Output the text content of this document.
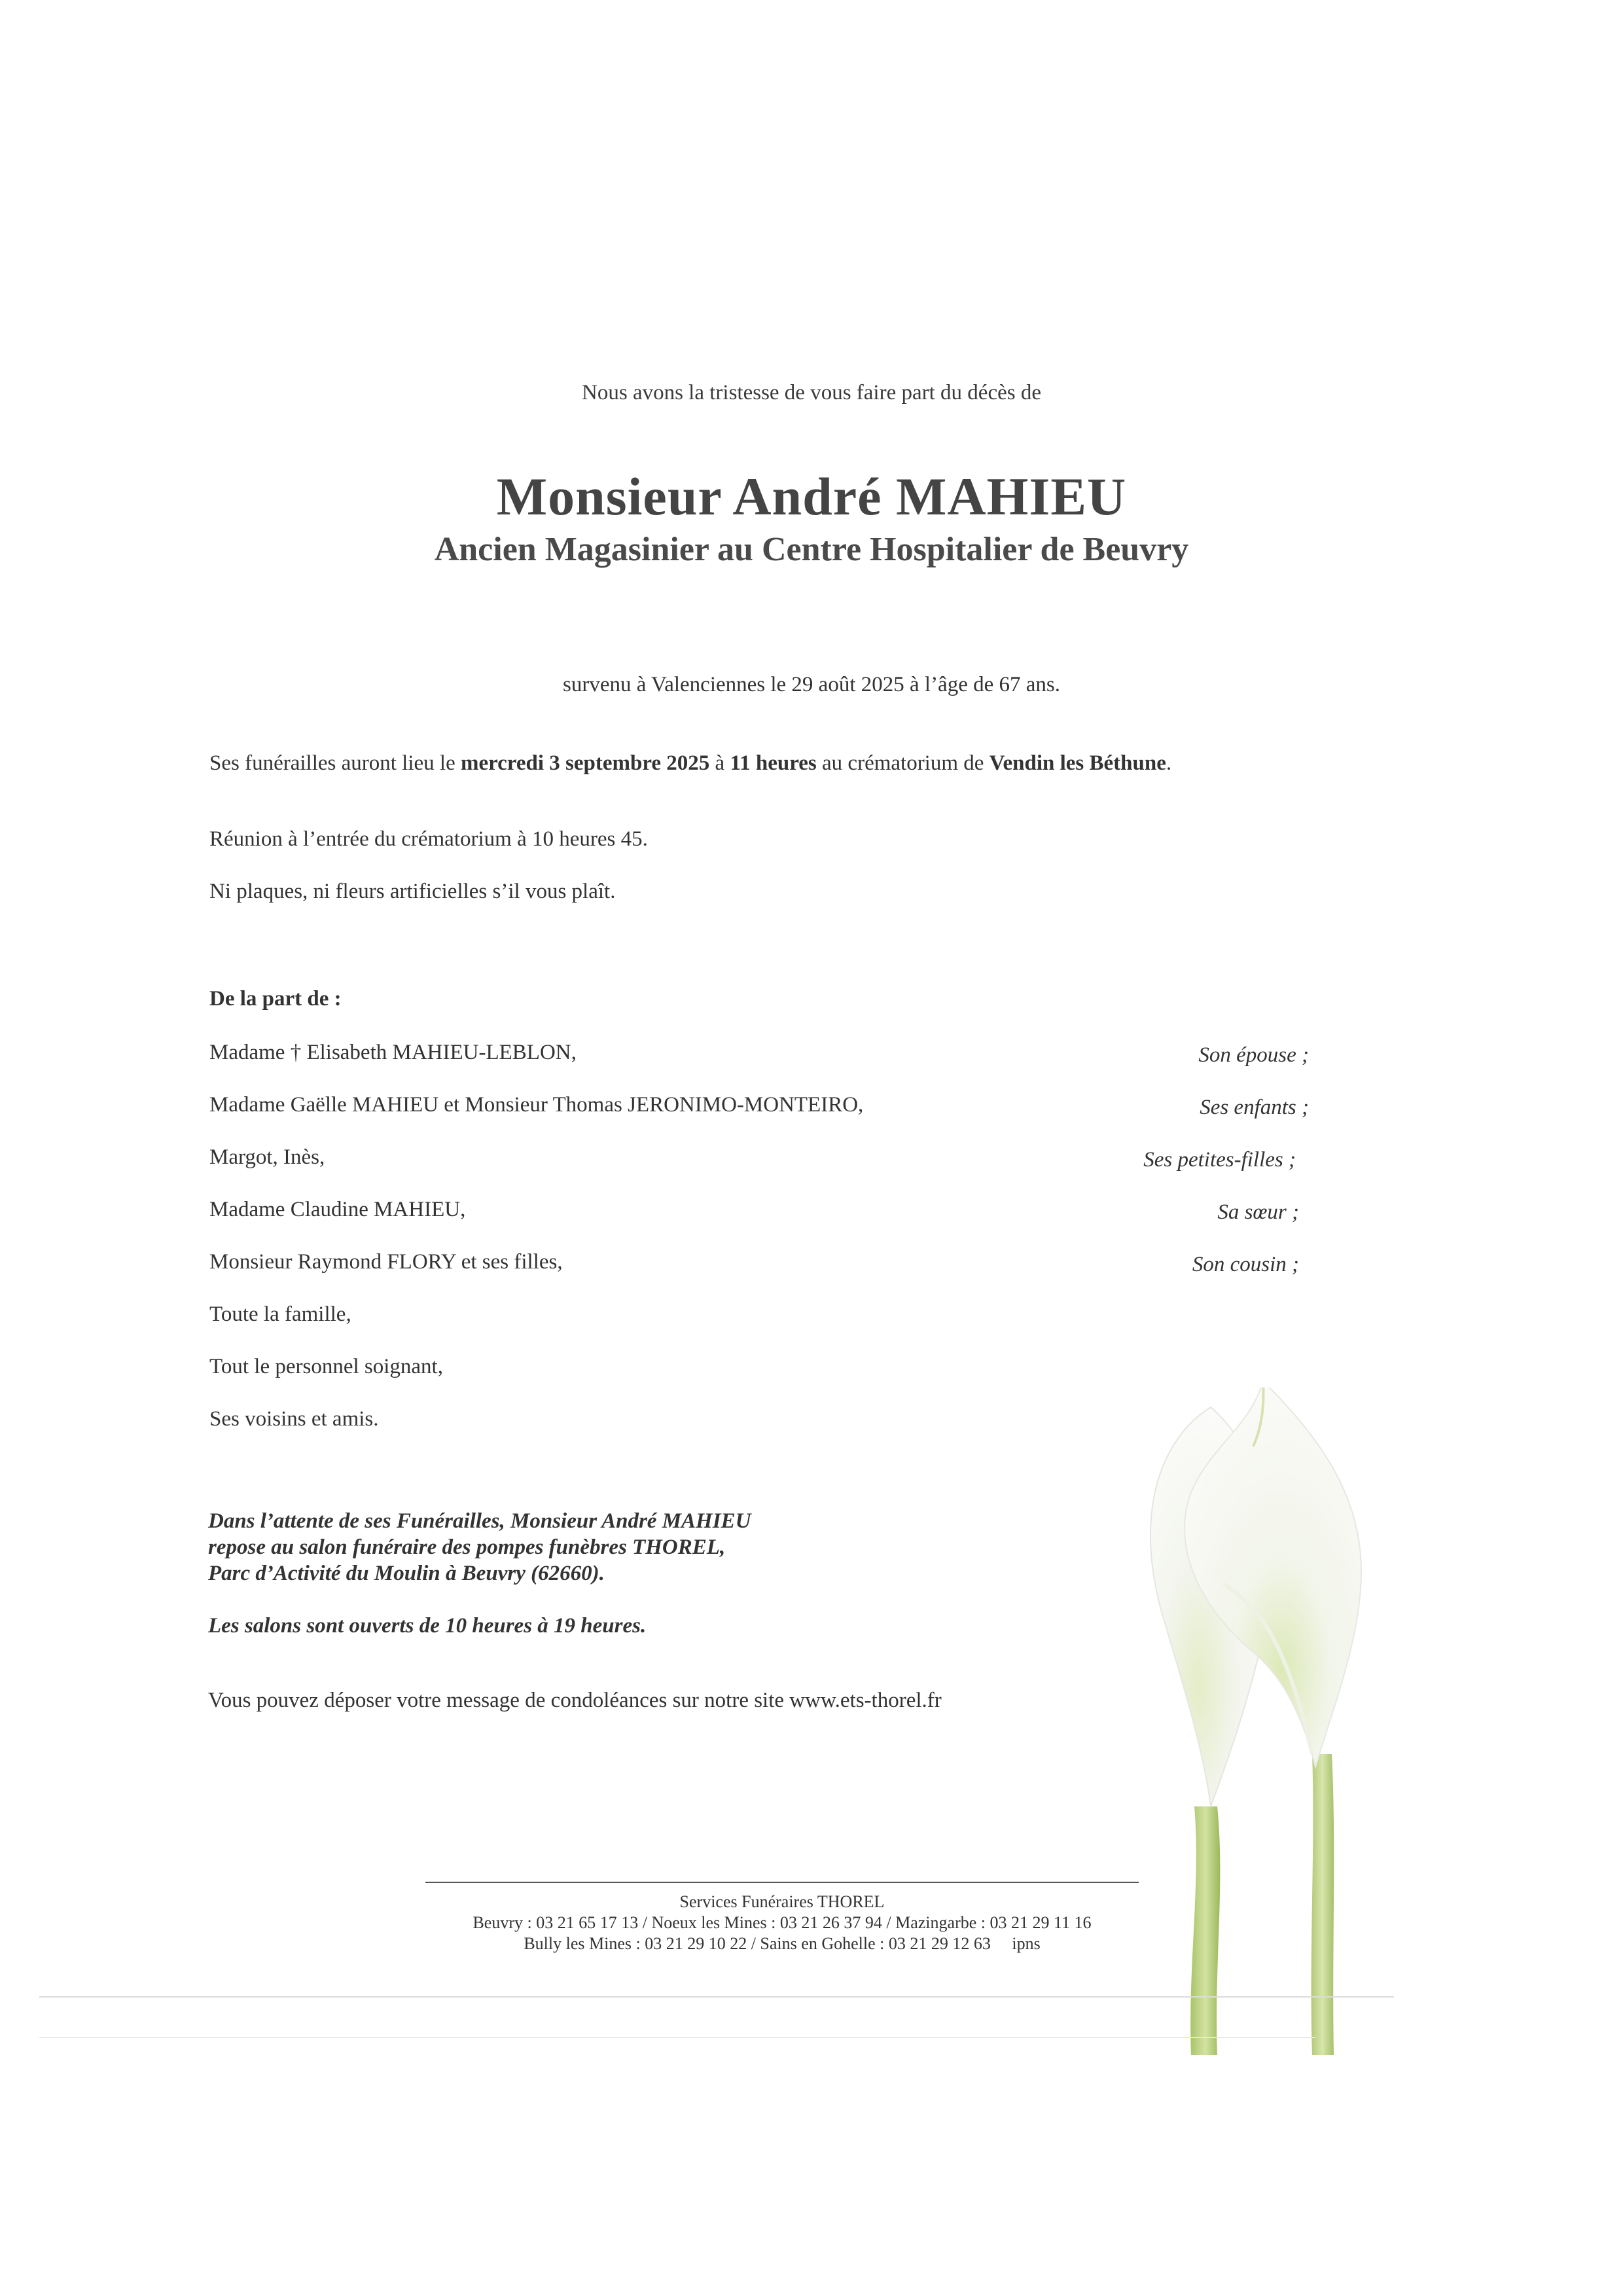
Nous avons la tristesse de vous faire part du décès de
Monsieur André MAHIEU
Ancien Magasinier au Centre Hospitalier de Beuvry
survenu à Valenciennes le 29 août 2025 à l’âge de 67 ans.
Ses funérailles auront lieu le mercredi 3 septembre 2025 à 11 heures au crématorium de Vendin les Béthune.
Réunion à l’entrée du crématorium à 10 heures 45.
Ni plaques, ni fleurs artificielles s’il vous plaît.
De la part de :
Madame † Elisabeth MAHIEU-LEBLON,	Son épouse ;
Madame Gaëlle MAHIEU et Monsieur Thomas JERONIMO-MONTEIRO,	Ses enfants ;
Margot, Inès,	Ses petites-filles ;
Madame Claudine MAHIEU,	Sa sœur ;
Monsieur Raymond FLORY et ses filles,	Son cousin ;
Toute la famille,
Tout le personnel soignant,
Ses voisins et amis.
Dans l’attente de ses Funérailles, Monsieur André MAHIEU
repose au salon funéraire des pompes funèbres THOREL,
Parc d’Activité du Moulin à Beuvry (62660).
Les salons sont ouverts de 10 heures à 19 heures.
Vous pouvez déposer votre message de condoléances sur notre site www.ets-thorel.fr
Services Funéraires THOREL
Beuvry : 03 21 65 17 13 / Noeux les Mines : 03 21 26 37 94 / Mazingarbe : 03 21 29 11 16
Bully les Mines : 03 21 29 10 22 / Sains en Gohelle : 03 21 29 12 63     ipns
